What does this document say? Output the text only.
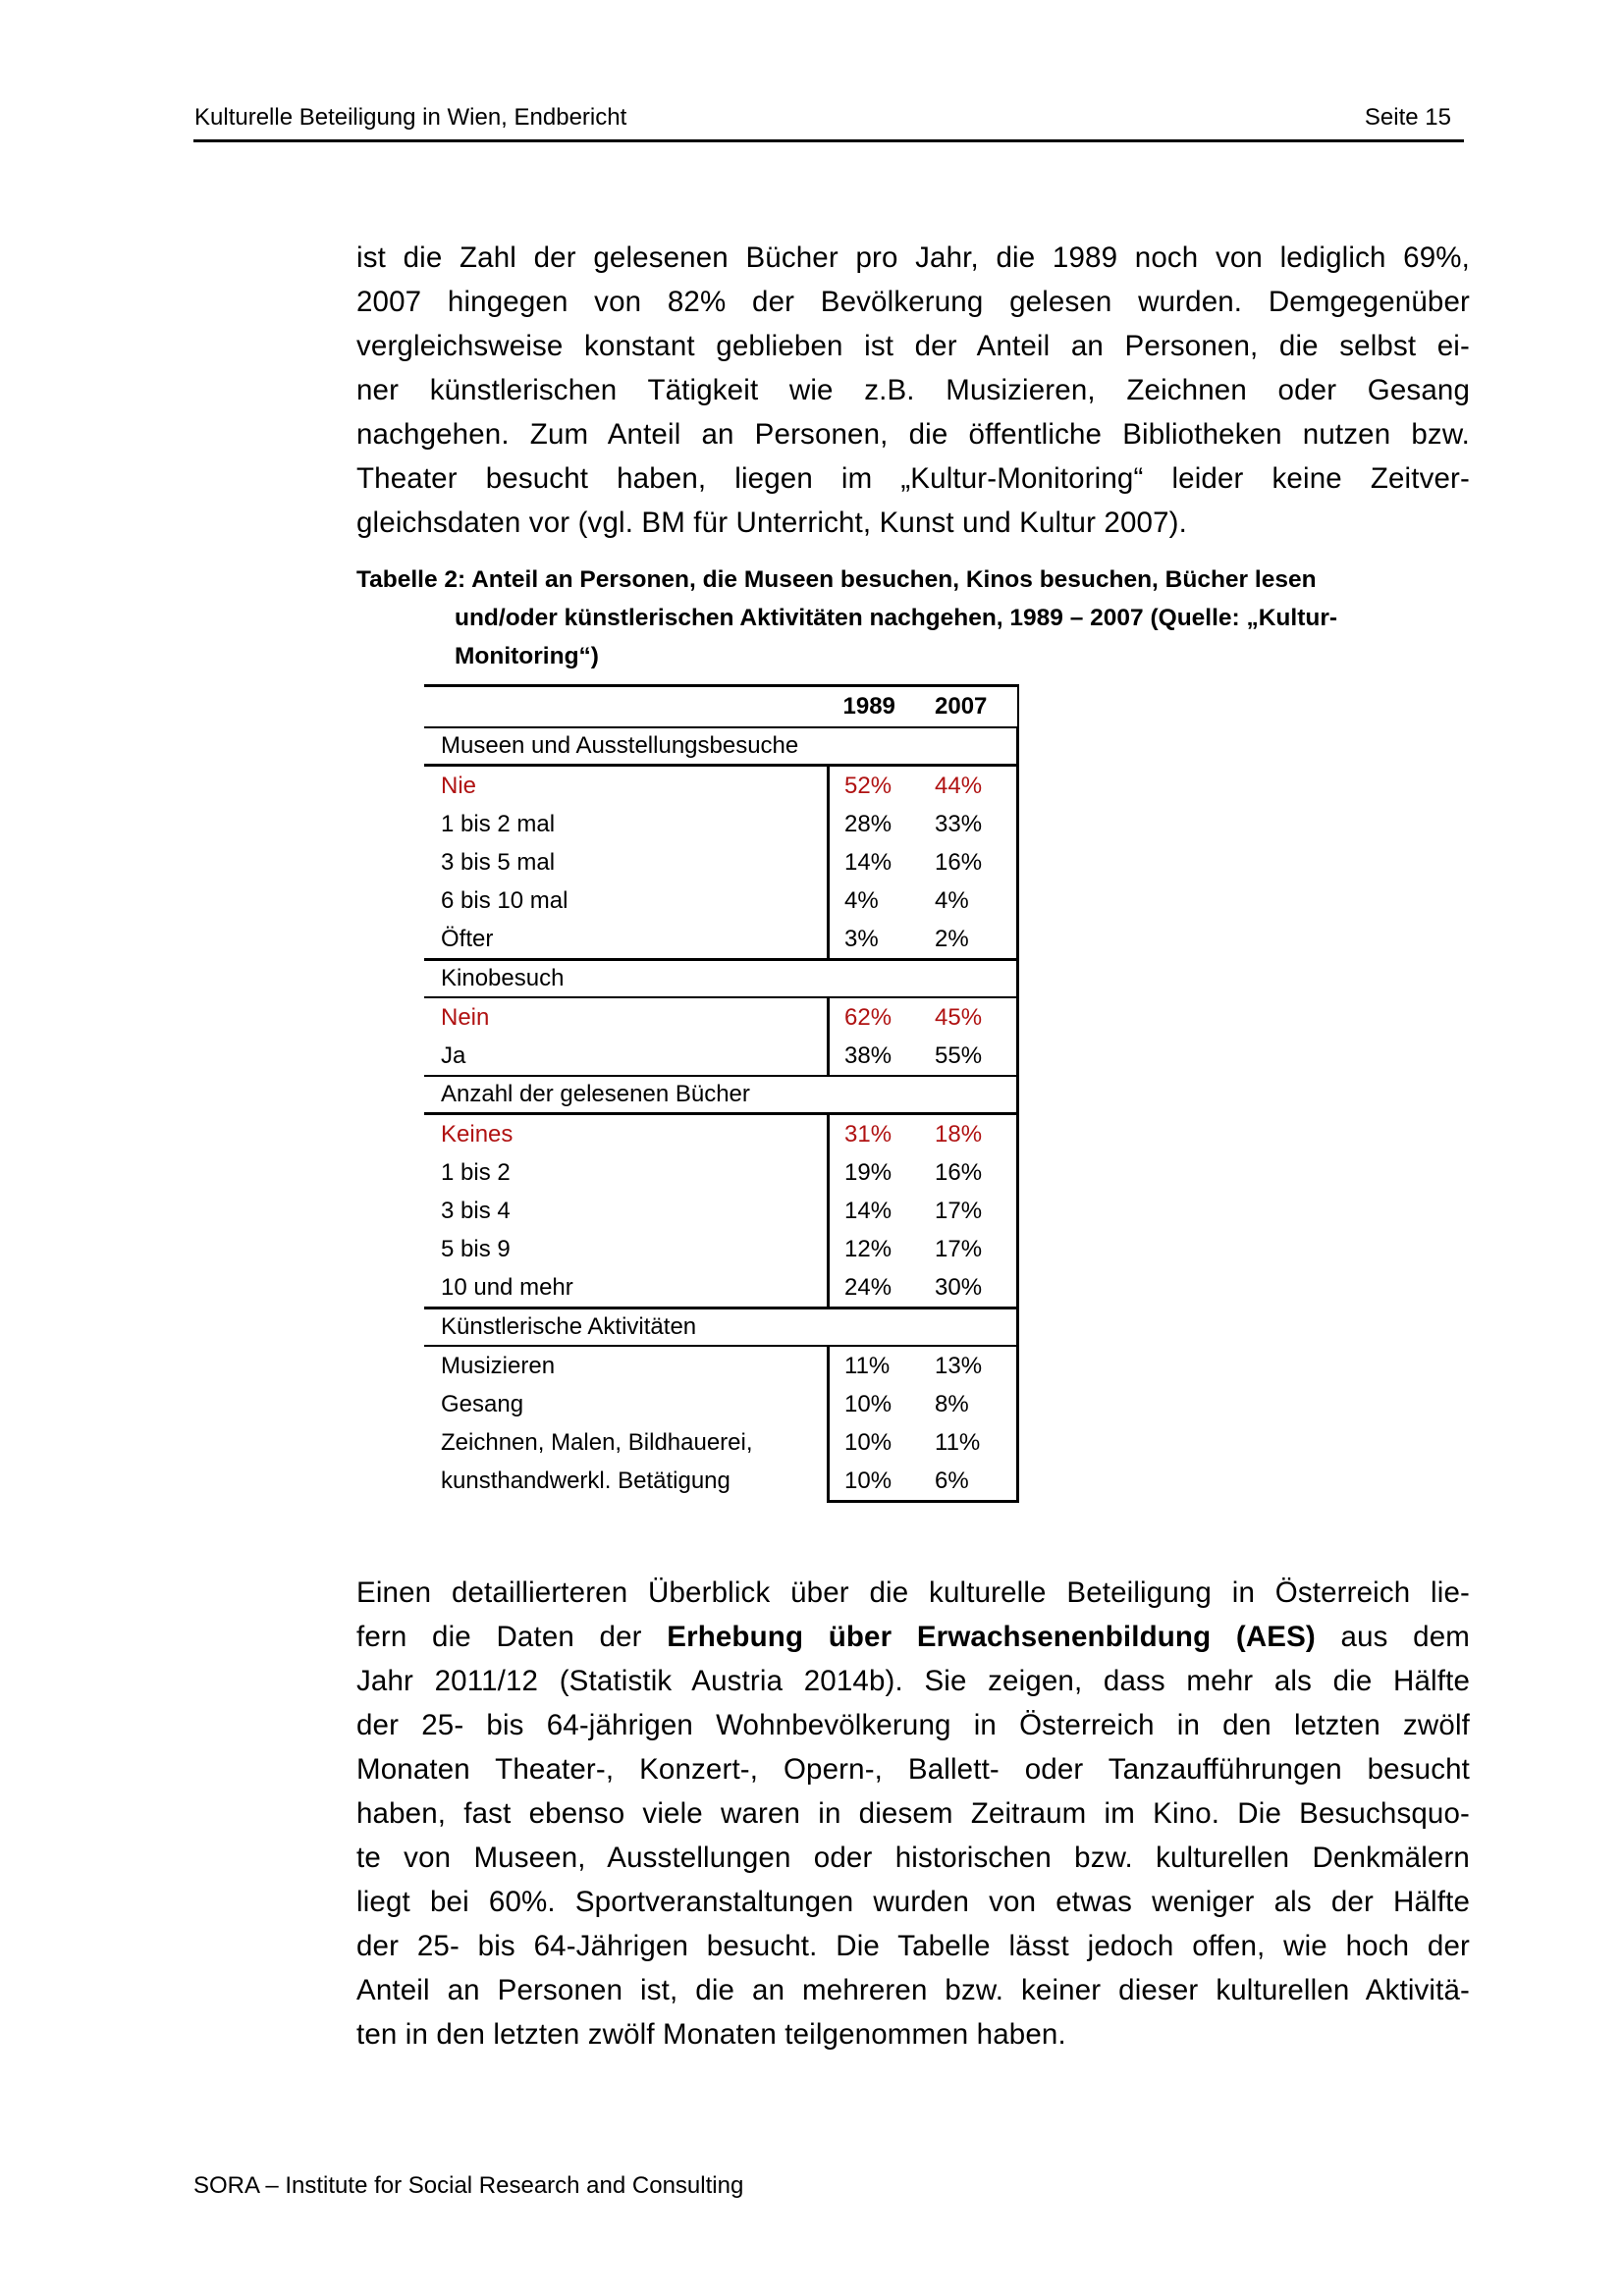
Kulturelle Beteiligung in Wien, Endbericht	Seite 15
ist die Zahl der gelesenen Bücher pro Jahr, die 1989 noch von lediglich 69%,
2007 hingegen von 82% der Bevölkerung gelesen wurden. Demgegenüber
vergleichsweise konstant geblieben ist der Anteil an Personen, die selbst ei-
ner künstlerischen Tätigkeit wie z.B. Musizieren, Zeichnen oder Gesang
nachgehen. Zum Anteil an Personen, die öffentliche Bibliotheken nutzen bzw.
Theater besucht haben, liegen im „Kultur-Monitoring“ leider keine Zeitver-
gleichsdaten vor (vgl. BM für Unterricht, Kunst und Kultur 2007).
Tabelle 2: Anteil an Personen, die Museen besuchen, Kinos besuchen, Bücher lesen
und/oder künstlerischen Aktivitäten nachgehen, 1989 – 2007 (Quelle: „Kultur-
Monitoring“)
	1989	2007
Museen und Ausstellungsbesuche		
Nie	52%	44%
1 bis 2 mal	28%	33%
3 bis 5 mal	14%	16%
6 bis 10 mal	4%	4%
Öfter	3%	2%
Kinobesuch		
Nein	62%	45%
Ja	38%	55%
Anzahl der gelesenen Bücher		
Keines	31%	18%
1 bis 2	19%	16%
3 bis 4	14%	17%
5 bis 9	12%	17%
10 und mehr	24%	30%
Künstlerische Aktivitäten		
Musizieren	11%	13%
Gesang	10%	8%
Zeichnen, Malen, Bildhauerei,	10%	11%
kunsthandwerkl. Betätigung	10%	6%
Einen detaillierteren Überblick über die kulturelle Beteiligung in Österreich lie-
fern die Daten der Erhebung über Erwachsenenbildung (AES) aus dem
Jahr 2011/12 (Statistik Austria 2014b). Sie zeigen, dass mehr als die Hälfte
der 25- bis 64-jährigen Wohnbevölkerung in Österreich in den letzten zwölf
Monaten Theater-, Konzert-, Opern-, Ballett- oder Tanzaufführungen besucht
haben, fast ebenso viele waren in diesem Zeitraum im Kino. Die Besuchsquo-
te von Museen, Ausstellungen oder historischen bzw. kulturellen Denkmälern
liegt bei 60%. Sportveranstaltungen wurden von etwas weniger als der Hälfte
der 25- bis 64-Jährigen besucht. Die Tabelle lässt jedoch offen, wie hoch der
Anteil an Personen ist, die an mehreren bzw. keiner dieser kulturellen Aktivitä-
ten in den letzten zwölf Monaten teilgenommen haben.
SORA – Institute for Social Research and Consulting
